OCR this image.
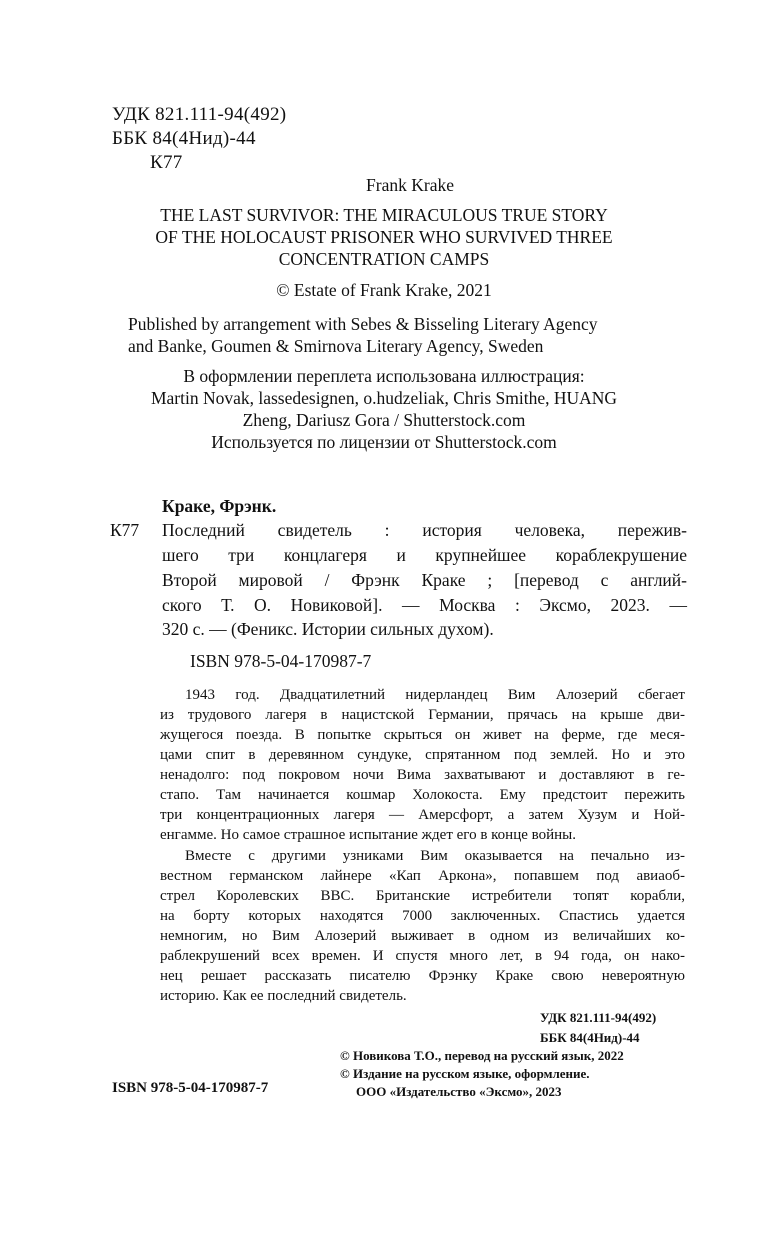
УДК 821.111-94(492)
ББК 84(4Нид)-44
К77
Frank Krake
THE LAST SURVIVOR: THE MIRACULOUS TRUE STORY
OF THE HOLOCAUST PRISONER WHO SURVIVED THREE
CONCENTRATION CAMPS
© Estate of Frank Krake, 2021
Published by arrangement with Sebes & Bisseling Literary Agency
and Banke, Goumen & Smirnova Literary Agency, Sweden
В оформлении переплета использована иллюстрация:
Martin Novak, lassedesignen, o.hudzeliak, Chris Smithe, HUANG
Zheng, Dariusz Gora / Shutterstock.com
Используется по лицензии от Shutterstock.com
Краке, Фрэнк.
К77 Последний свидетель : история человека, пережив-
шего три концлагеря и крупнейшее кораблекрушение
Второй мировой / Фрэнк Краке ; [перевод с англий-
ского Т. О. Новиковой]. — Москва : Эксмо, 2023. —
320 с. — (Феникс. Истории сильных духом).
ISBN 978-5-04-170987-7
1943 год. Двадцатилетний нидерландец Вим Алозерий сбегает
из трудового лагеря в нацистской Германии, прячась на крыше дви-
жущегося поезда. В попытке скрыться он живет на ферме, где меся-
цами спит в деревянном сундуке, спрятанном под землей. Но и это
ненадолго: под покровом ночи Вима захватывают и доставляют в ге-
стапо. Там начинается кошмар Холокоста. Ему предстоит пережить
три концентрационных лагеря — Амерсфорт, а затем Хузум и Ной-
енгамме. Но самое страшное испытание ждет его в конце войны.
Вместе с другими узниками Вим оказывается на печально из-
вестном германском лайнере «Кап Аркона», попавшем под авиаоб-
стрел Королевских ВВС. Британские истребители топят корабли,
на борту которых находятся 7000 заключенных. Спастись удается
немногим, но Вим Алозерий выживает в одном из величайших ко-
раблекрушений всех времен. И спустя много лет, в 94 года, он нако-
нец решает рассказать писателю Фрэнку Краке свою невероятную
историю. Как ее последний свидетель.
УДК 821.111-94(492)
ББК 84(4Нид)-44
© Новикова Т.О., перевод на русский язык, 2022
© Издание на русском языке, оформление.
ISBN 978-5-04-170987-7	ООО «Издательство «Эксмо», 2023
